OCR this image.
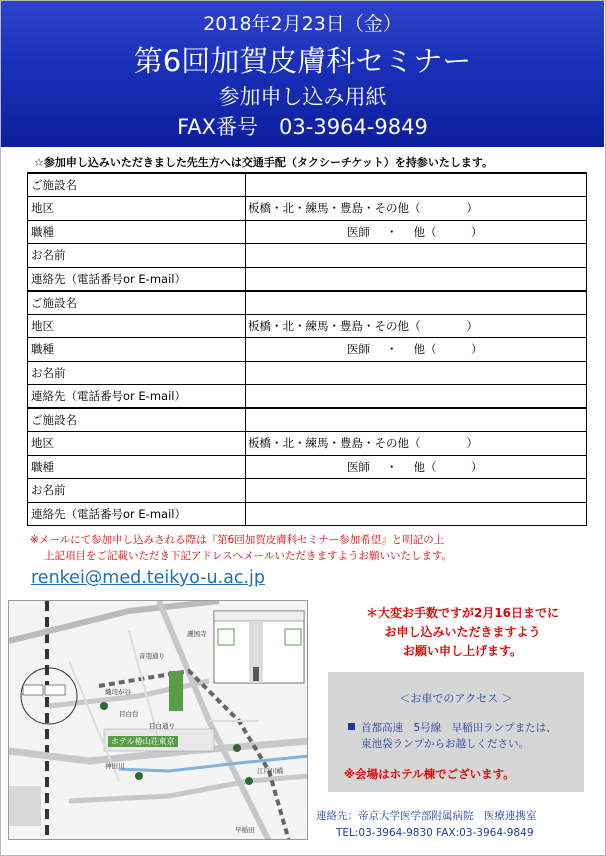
2018年2月23日（金）
第6回加賀皮膚科セミナー
参加申し込み用紙
FAX番号　03-3964-9849
☆参加申し込みいただきました先生方へは交通手配（タクシーチケット）を持参いたします。
ご施設名	
地区	板橋・北・練馬・豊島・その他（　　　　）
職種	医師 ・ 他（　　　）
お名前	
連絡先（電話番号or E-mail）	
ご施設名	
地区	板橋・北・練馬・豊島・その他（　　　　）
職種	医師 ・ 他（　　　）
お名前	
連絡先（電話番号or E-mail）	
ご施設名	
地区	板橋・北・練馬・豊島・その他（　　　　）
職種	医師 ・ 他（　　　）
お名前	
連絡先（電話番号or E-mail）	
※メールにて参加申し込みされる際は『第6回加賀皮膚科セミナー参加希望』と明記の上
上記項目をご記載いただき下記アドレスへメールいただきますようお願いいたします。
renkei@med.teikyo-u.ac.jp
ホテル椿山荘東京
織司が谷
目白台
早稲田
江戸川橋
神田川
音羽通り
目白通り
護国寺
＊大変お手数ですが2月16日までに
お申し込みいただきますよう
お願い申し上げます。
＜お車でのアクセス ＞
首都高速　5号線　早稲田ランプまたは、
東池袋ランプからお越しください。
※会場はホテル棟でございます。
連絡先：帝京大学医学部附属病院　医療連携室
TEL:03-3964-9830 FAX:03-3964-9849
